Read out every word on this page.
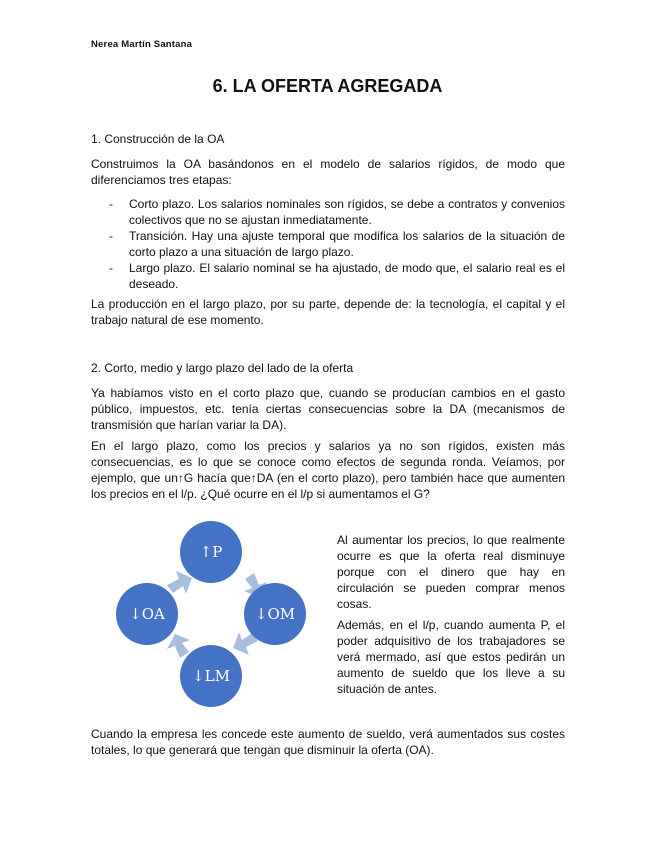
Nerea Martín Santana
6. LA OFERTA AGREGADA
1. Construcción de la OA
Construimos la OA basándonos en el modelo de salarios rígidos, de modo que diferenciamos tres etapas:
- Corto plazo. Los salarios nominales son rígidos, se debe a contratos y convenios colectivos que no se ajustan inmediatamente.
- Transición. Hay una ajuste temporal que modifica los salarios de la situación de corto plazo a una situación de largo plazo.
- Largo plazo. El salario nominal se ha ajustado, de modo que, el salario real es el deseado.
La producción en el largo plazo, por su parte, depende de: la tecnología, el capital y el trabajo natural de ese momento.
2. Corto, medio y largo plazo del lado de la oferta
Ya habíamos visto en el corto plazo que, cuando se producían cambios en el gasto público, impuestos, etc. tenía ciertas consecuencias sobre la DA (mecanismos de transmisión que harían variar la DA).
En el largo plazo, como los precios y salarios ya no son rígidos, existen más consecuencias, es lo que se conoce como efectos de segunda ronda. Veíamos, por ejemplo, que un↑G hacía que↑DA (en el corto plazo), pero también hace que aumenten los precios en el l/p. ¿Qué ocurre en el l/p si aumentamos el G?
↑P
↓OM
↓LM
↓OA
Al aumentar los precios, lo que realmente ocurre es que la oferta real disminuye porque con el dinero que hay en circulación se pueden comprar menos cosas.
Además, en el l/p, cuando aumenta P, el poder adquisitivo de los trabajadores se verá mermado, así que estos pedirán un aumento de sueldo que los lleve a su situación de antes.
Cuando la empresa les concede este aumento de sueldo, verá aumentados sus costes totales, lo que generará que tengan que disminuir la oferta (OA).
